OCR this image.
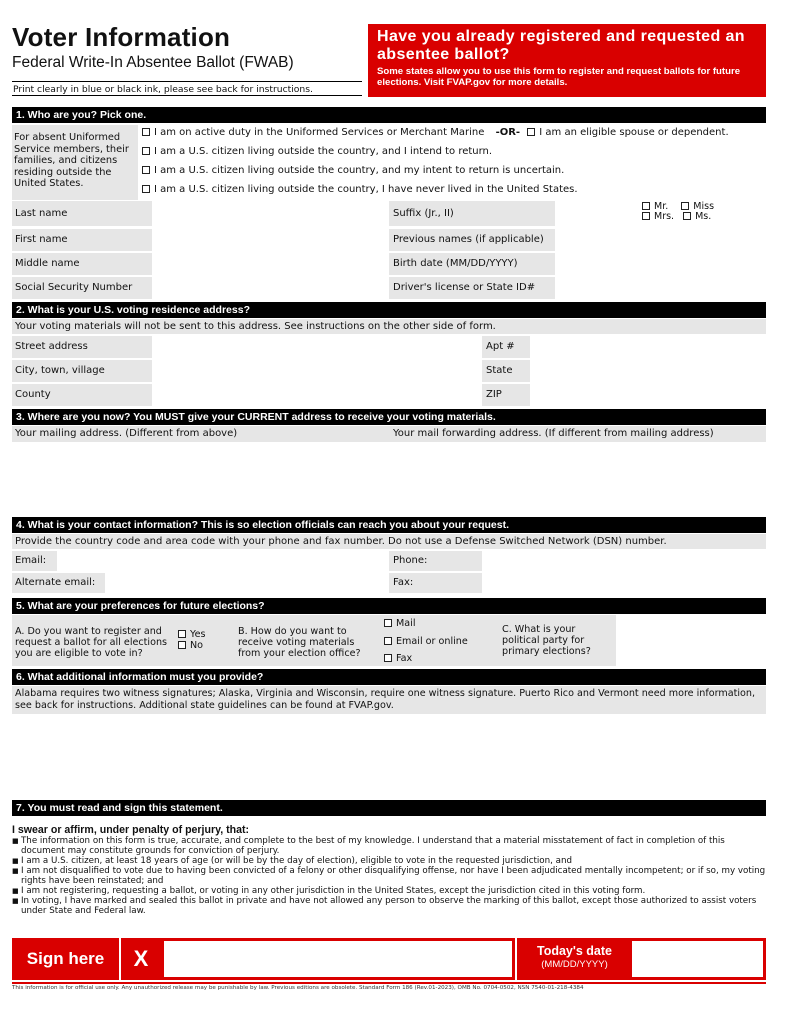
Voter Information
Federal Write-In Absentee Ballot (FWAB)
Print clearly in blue or black ink, please see back for instructions.
Have you already registered and requested an absentee ballot?
Some states allow you to use this form to register and request ballots for future elections. Visit FVAP.gov for more details.
1. Who are you? Pick one.
For absent Uniformed Service members, their families, and citizens residing outside the United States.
I am on active duty in the Uniformed Services or Merchant Marine -OR- I am an eligible spouse or dependent.
I am a U.S. citizen living outside the country, and I intend to return.
I am a U.S. citizen living outside the country, and my intent to return is uncertain.
I am a U.S. citizen living outside the country, I have never lived in the United States.
Last name	Suffix (Jr., II)
Mr.	Miss
Mrs. Ms.
First name	Previous names (if applicable)
Middle name	Birth date (MM/DD/YYYY)
Social Security Number	Driver's license or State ID#
2. What is your U.S. voting residence address?
Your voting materials will not be sent to this address. See instructions on the other side of form.
Street address	Apt #
City, town, village	State
County	ZIP
3. Where are you now? You MUST give your CURRENT address to receive your voting materials.
Your mailing address. (Different from above)	Your mail forwarding address. (If different from mailing address)
4. What is your contact information? This is so election officials can reach you about your request.
Provide the country code and area code with your phone and fax number. Do not use a Defense Switched Network (DSN) number.
Email:	Phone:
Alternate email:	Fax:
5. What are your preferences for future elections?
A. Do you want to register and request a ballot for all elections you are eligible to vote in?
Yes
No
B. How do you want to receive voting materials from your election office?
Mail
Email or online
Fax
C. What is your political party for primary elections?
6. What additional information must you provide?
Alabama requires two witness signatures; Alaska, Virginia and Wisconsin, require one witness signature. Puerto Rico and Vermont need more information, see back for instructions. Additional state guidelines can be found at FVAP.gov.
7. You must read and sign this statement.
I swear or affirm, under penalty of perjury, that:
■ The information on this form is true, accurate, and complete to the best of my knowledge. I understand that a material misstatement of fact in completion of this document may constitute grounds for conviction of perjury.
■ I am a U.S. citizen, at least 18 years of age (or will be by the day of election), eligible to vote in the requested jurisdiction, and
■ I am not disqualified to vote due to having been convicted of a felony or other disqualifying offense, nor have I been adjudicated mentally incompetent; or if so, my voting rights have been reinstated; and
■ I am not registering, requesting a ballot, or voting in any other jurisdiction in the United States, except the jurisdiction cited in this voting form.
■ In voting, I have marked and sealed this ballot in private and have not allowed any person to observe the marking of this ballot, except those authorized to assist voters under State and Federal law.
Sign here	X	Today's date
(MM/DD/YYYY)
This information is for official use only. Any unauthorized release may be punishable by law. Previous editions are obsolete. Standard Form 186 (Rev.01-2023), OMB No. 0704-0502, NSN 7540-01-218-4384
